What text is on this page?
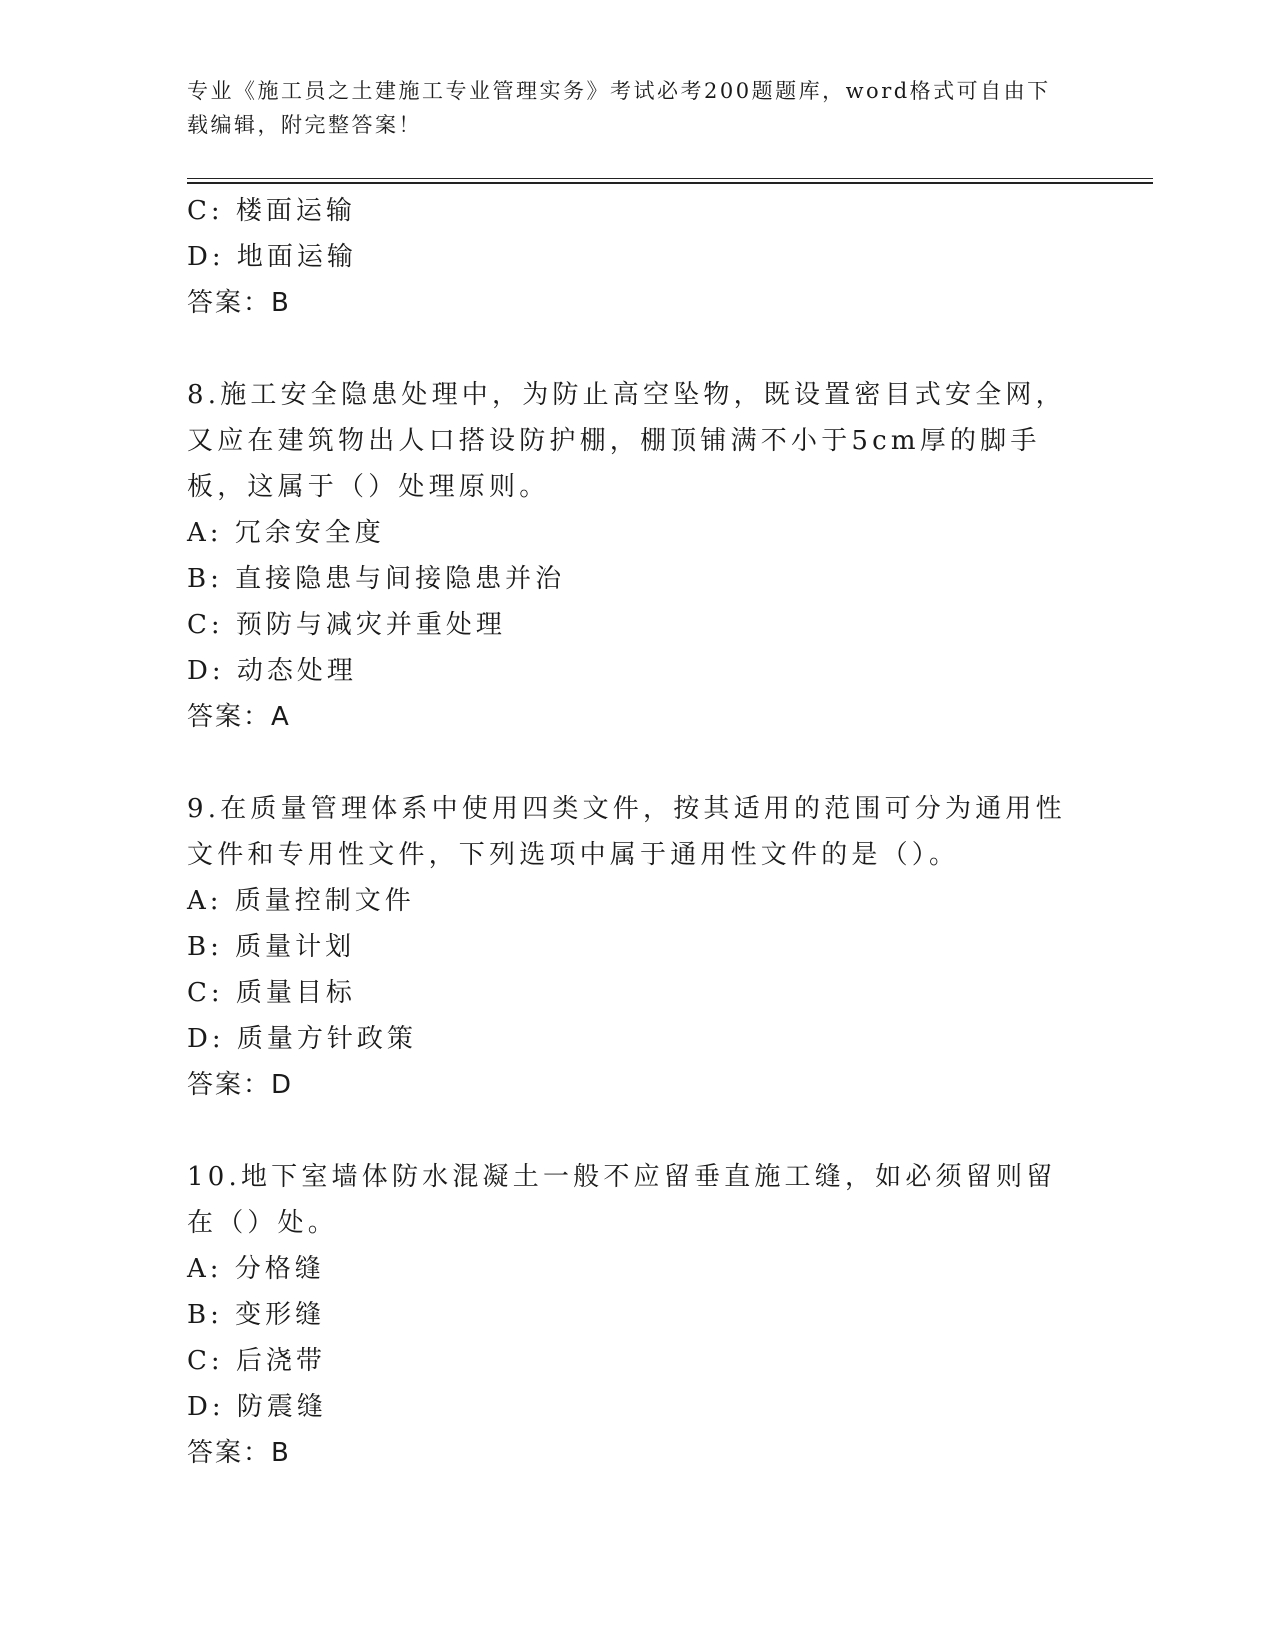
专业《施工员之土建施工专业管理实务》考试必考200题题库，word格式可自由下载编辑，附完整答案！
C: 楼面运输
D: 地面运输
答案：B
8.施工安全隐患处理中，为防止高空坠物，既设置密目式安全网，又应在建筑物出人口搭设防护棚，棚顶铺满不小于5cm厚的脚手板，这属于（）处理原则。
A: 冗余安全度
B: 直接隐患与间接隐患并治
C: 预防与减灾并重处理
D: 动态处理
答案：A
9.在质量管理体系中使用四类文件，按其适用的范围可分为通用性文件和专用性文件，下列选项中属于通用性文件的是（）。
A: 质量控制文件
B: 质量计划
C: 质量目标
D: 质量方针政策
答案：D
10.地下室墙体防水混凝土一般不应留垂直施工缝，如必须留则留在（）处。
A: 分格缝
B: 变形缝
C: 后浇带
D: 防震缝
答案：B
